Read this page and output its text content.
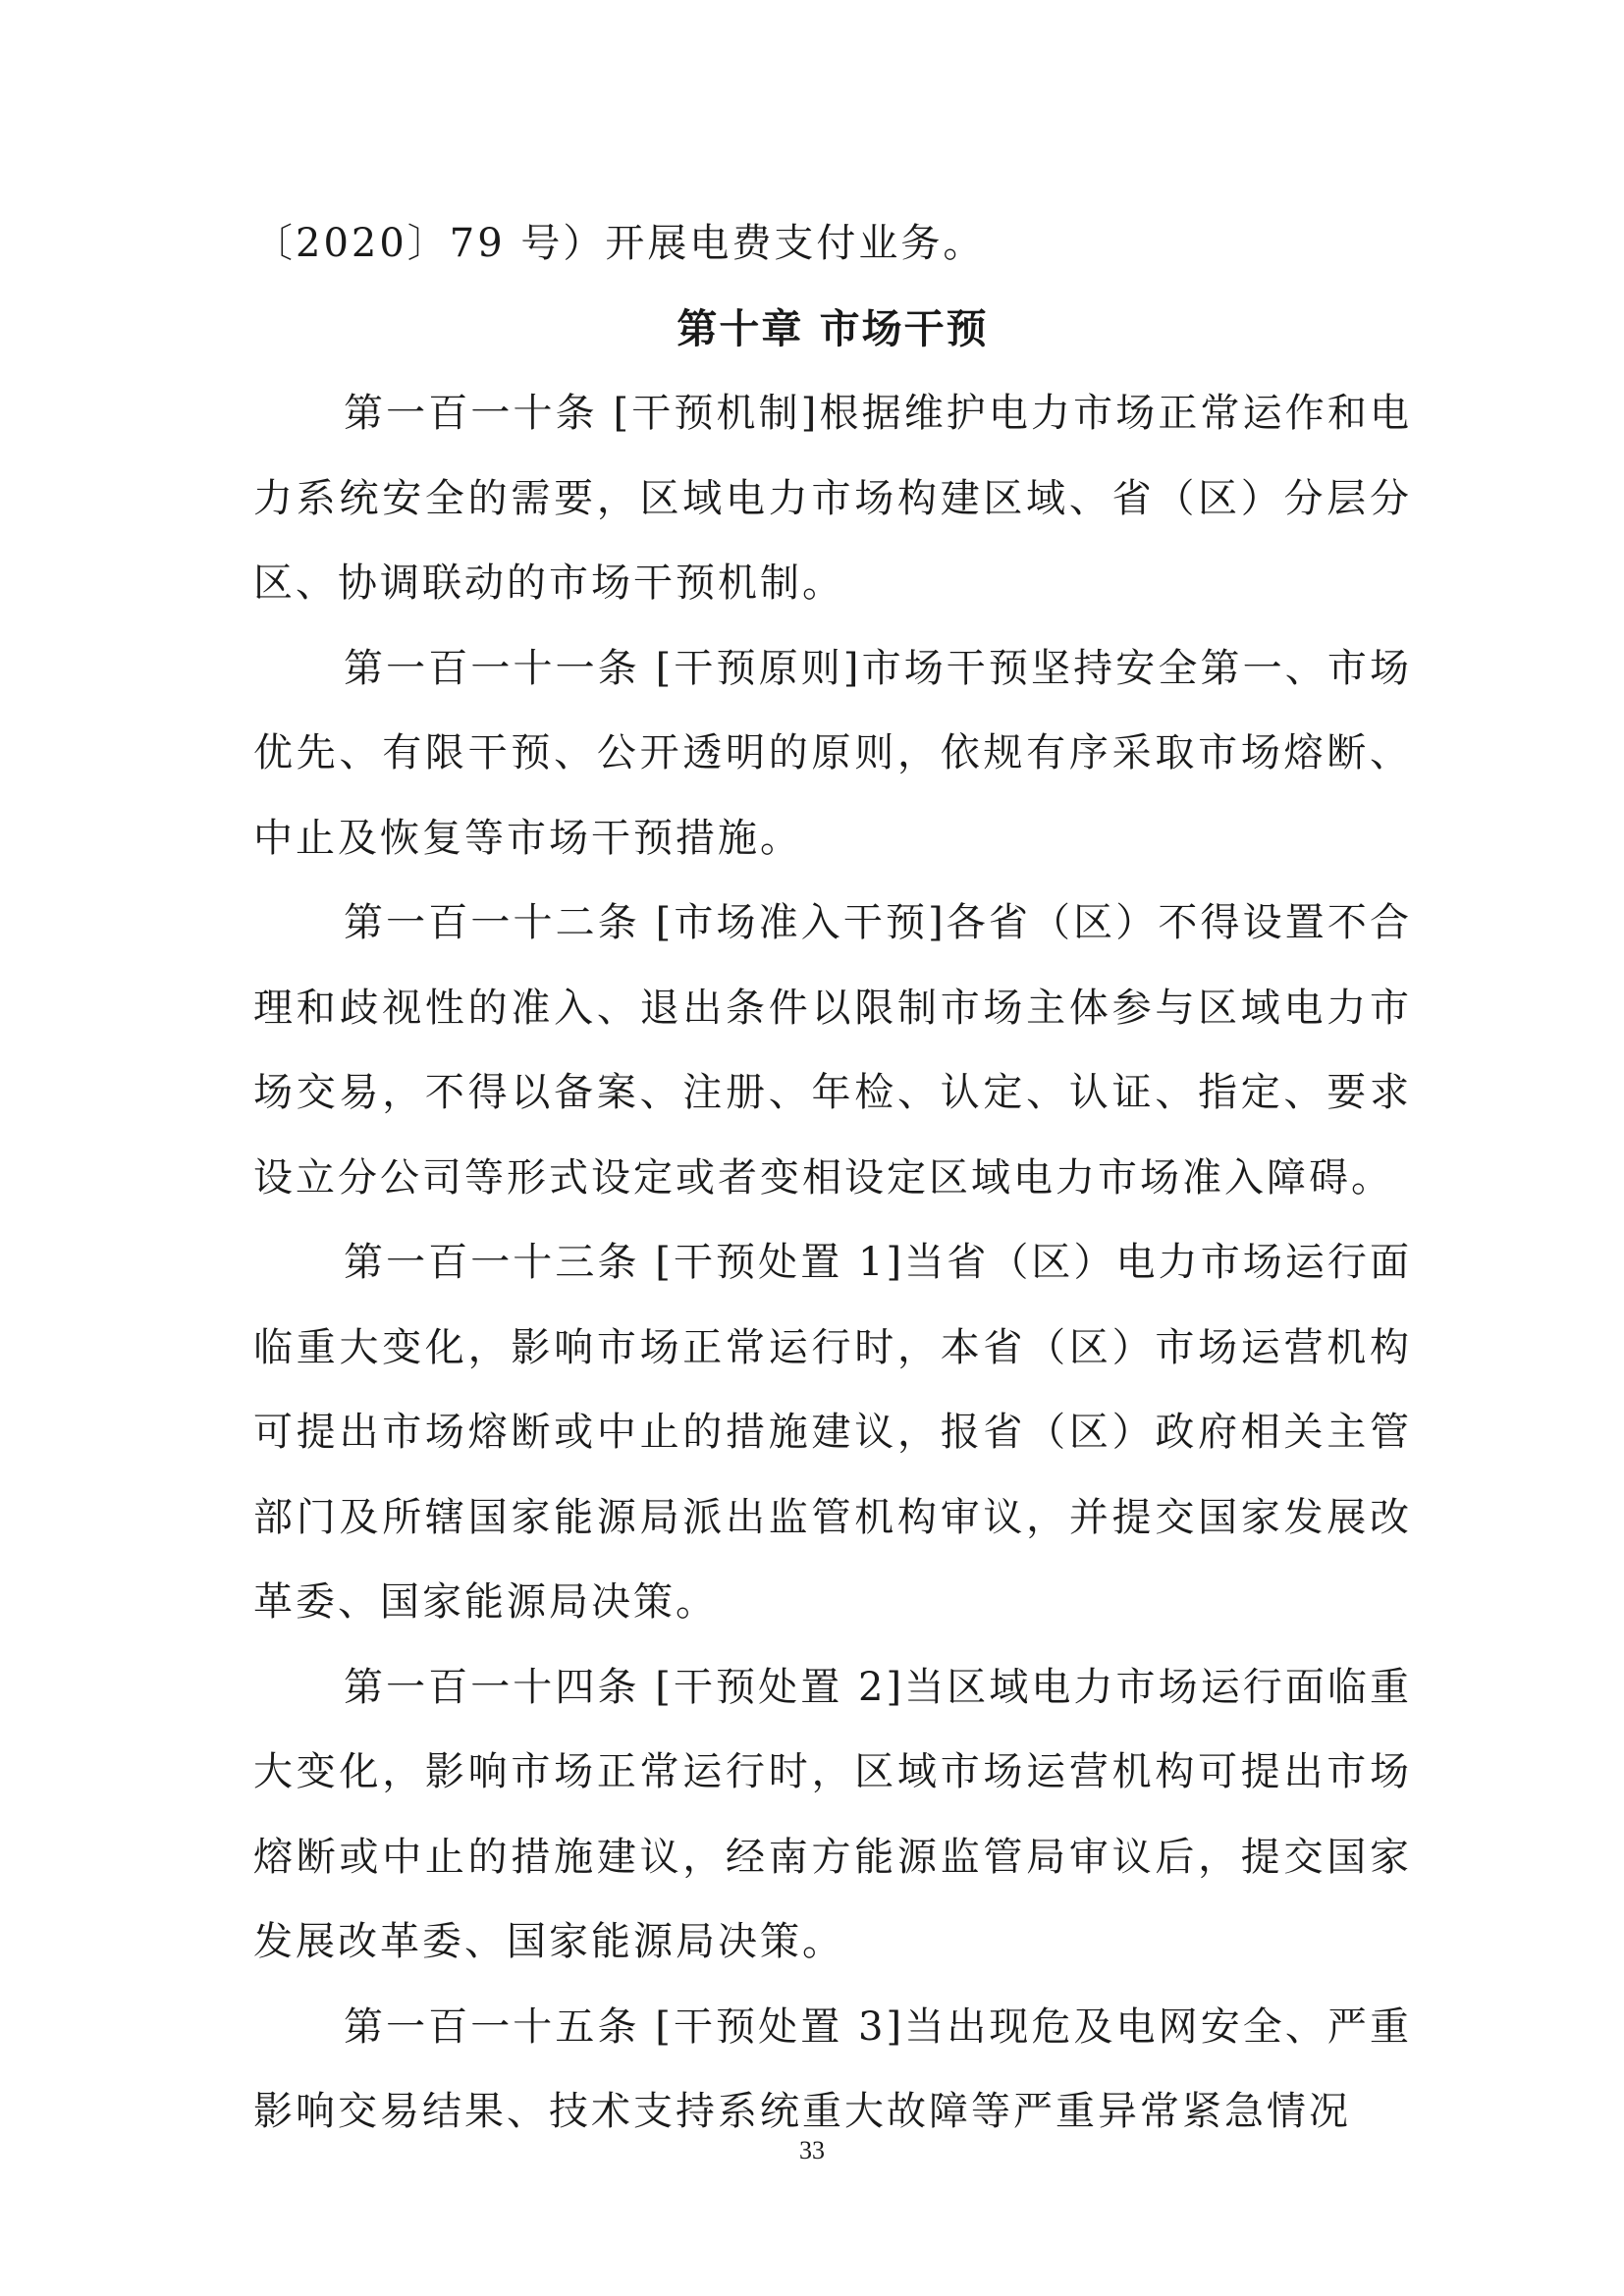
〔2020〕79 号）开展电费支付业务。

第十章 市场干预

第一百一十条 [干预机制]根据维护电力市场正常运作和电力系统安全的需要，区域电力市场构建区域、省（区）分层分区、协调联动的市场干预机制。

第一百一十一条 [干预原则]市场干预坚持安全第一、市场优先、有限干预、公开透明的原则，依规有序采取市场熔断、中止及恢复等市场干预措施。

第一百一十二条 [市场准入干预]各省（区）不得设置不合理和歧视性的准入、退出条件以限制市场主体参与区域电力市场交易，不得以备案、注册、年检、认定、认证、指定、要求设立分公司等形式设定或者变相设定区域电力市场准入障碍。

第一百一十三条 [干预处置 1]当省（区）电力市场运行面临重大变化，影响市场正常运行时，本省（区）市场运营机构可提出市场熔断或中止的措施建议，报省（区）政府相关主管部门及所辖国家能源局派出监管机构审议，并提交国家发展改革委、国家能源局决策。

第一百一十四条 [干预处置 2]当区域电力市场运行面临重大变化，影响市场正常运行时，区域市场运营机构可提出市场熔断或中止的措施建议，经南方能源监管局审议后，提交国家发展改革委、国家能源局决策。

第一百一十五条 [干预处置 3]当出现危及电网安全、严重影响交易结果、技术支持系统重大故障等严重异常紧急情况

33
